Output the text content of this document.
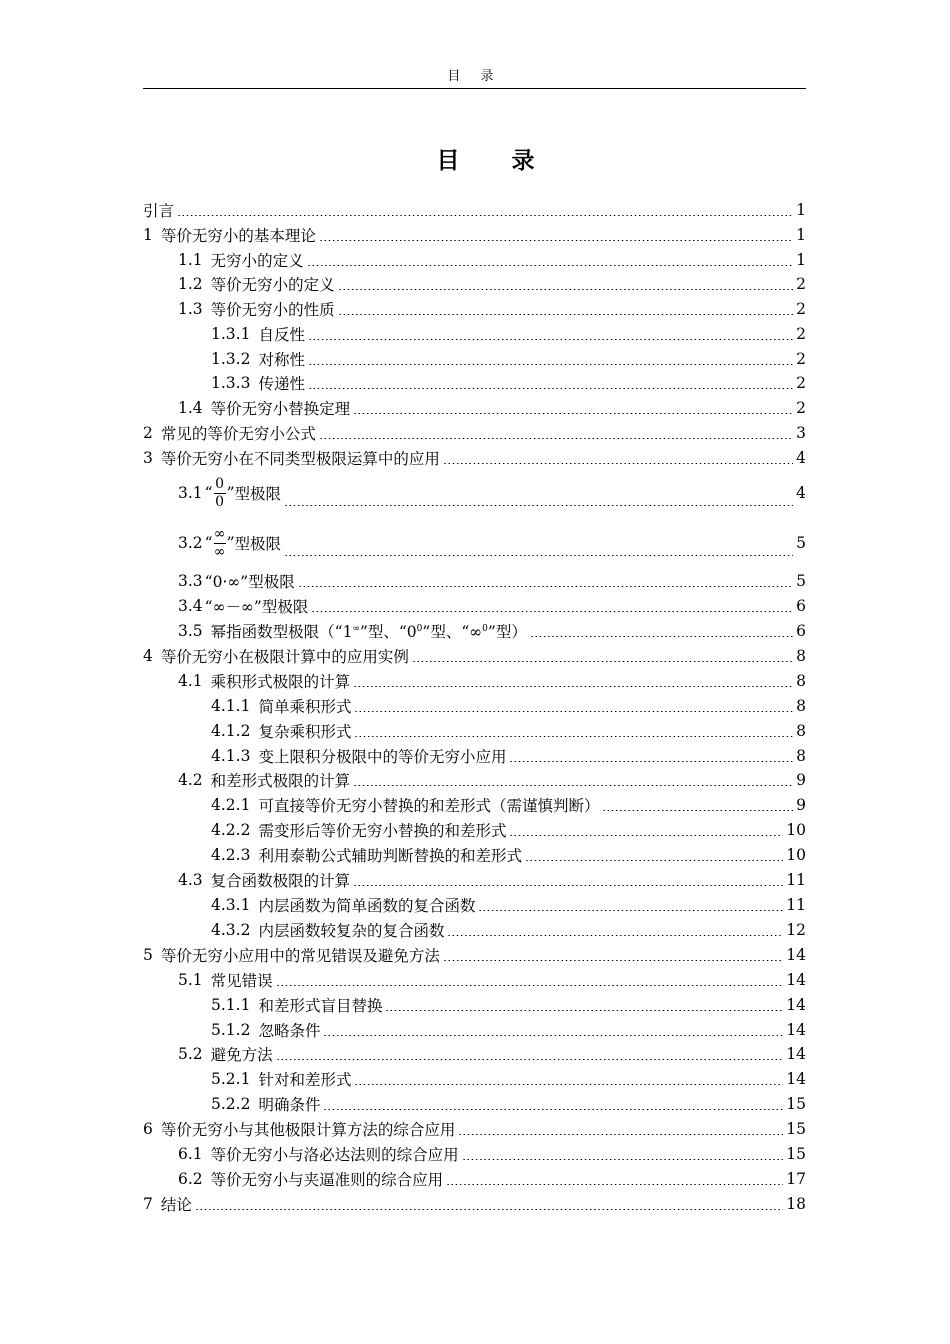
目 录
目 录
引言	1
1 等价无穷小的基本理论	1
1.1 无穷小的定义	1
1.2 等价无穷小的定义	2
1.3 等价无穷小的性质	2
1.3.1 自反性	2
1.3.2 对称性	2
1.3.3 传递性	2
1.4 等价无穷小替换定理	2
2 常见的等价无穷小公式	3
3 等价无穷小在不同类型极限运算中的应用	4
3.1 “ $\frac{0}{0}$ ” 型极限	4
3.2 “ $\frac{\infty}{\infty}$ ” 型极限	5
3.3 “0·∞”型极限	5
3.4 “∞－∞”型极限	6
3.5 幂指函数型极限（“1∞”型、“$0^0$”型、“∞$^0$”型）	6
4 等价无穷小在极限计算中的应用实例	8
4.1 乘积形式极限的计算	8
4.1.1 简单乘积形式	8
4.1.2 复杂乘积形式	8
4.1.3 变上限积分极限中的等价无穷小应用	8
4.2 和差形式极限的计算	9
4.2.1 可直接等价无穷小替换的和差形式（需谨慎判断）	9
4.2.2 需变形后等价无穷小替换的和差形式	10
4.2.3 利用泰勒公式辅助判断替换的和差形式	10
4.3 复合函数极限的计算	11
4.3.1 内层函数为简单函数的复合函数	11
4.3.2 内层函数较复杂的复合函数	12
5 等价无穷小应用中的常见错误及避免方法	14
5.1 常见错误	14
5.1.1 和差形式盲目替换	14
5.1.2 忽略条件	14
5.2 避免方法	14
5.2.1 针对和差形式	14
5.2.2 明确条件	15
6 等价无穷小与其他极限计算方法的综合应用	15
6.1 等价无穷小与洛必达法则的综合应用	15
6.2 等价无穷小与夹逼准则的综合应用	17
7 结论	18
